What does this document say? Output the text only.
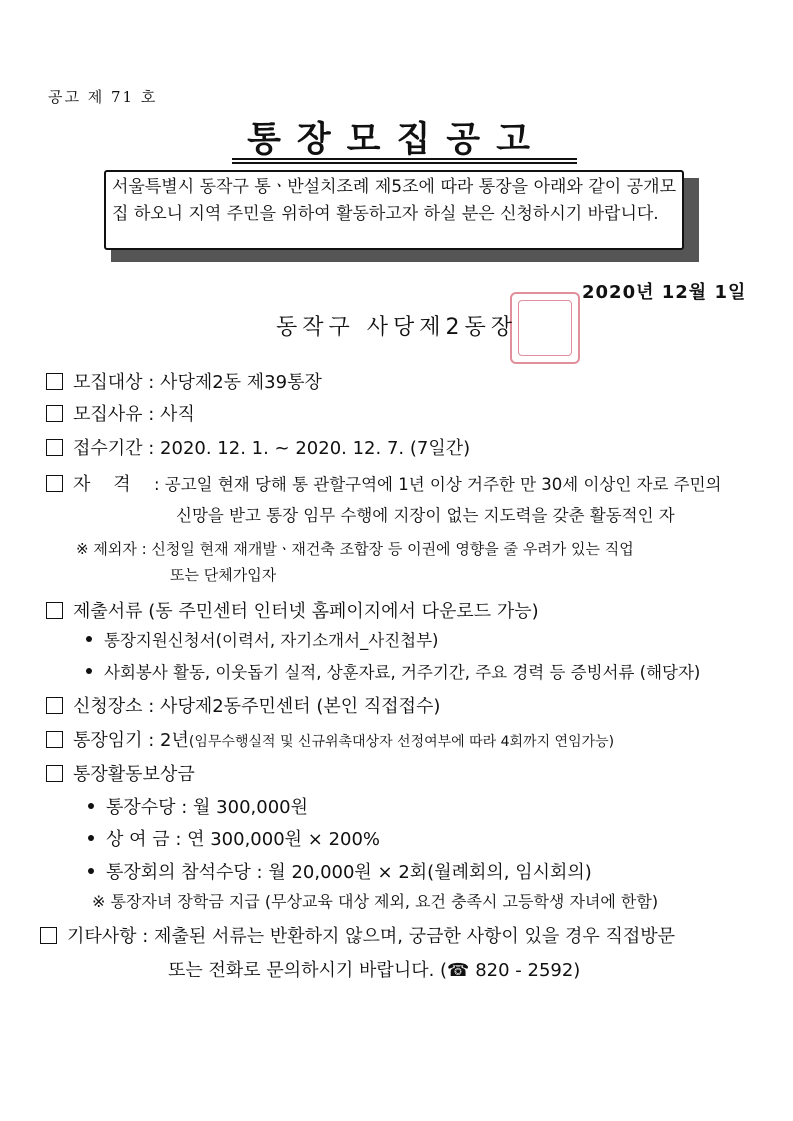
공고 제 71 호
통장모집공고

서울특별시 동작구 통ㆍ반설치조례 제5조에 따라 통장을 아래와 같이 공개모집 하오니 지역 주민을 위하여 활동하고자 하실 분은 신청하시기 바랍니다.

2020년 12월 1일
동작구 사당제2동장
모집대상 : 사당제2동 제39통장
모집사유 : 사직
접수기간 : 2020. 12. 1. ~ 2020. 12. 7. (7일간)
자    격 : 공고일 현재 당해 통 관할구역에 1년 이상 거주한 만 30세 이상인 자로 주민의
신망을 받고 통장 임무 수행에 지장이 없는 지도력을 갖춘 활동적인 자
※ 제외자 : 신청일 현재 재개발ㆍ재건축 조합장 등 이권에 영향을 줄 우려가 있는 직업
또는 단체가입자
제출서류 (동 주민센터 인터넷 홈페이지에서 다운로드 가능)
통장지원신청서(이력서, 자기소개서_사진첩부)
사회봉사 활동, 이웃돕기 실적, 상훈자료, 거주기간, 주요 경력 등 증빙서류 (해당자)
신청장소 : 사당제2동주민센터 (본인 직접접수)
통장임기 : 2년(임무수행실적 및 신규위촉대상자 선정여부에 따라 4회까지 연임가능)
통장활동보상금
통장수당 : 월 300,000원
상 여 금 : 연 300,000원 × 200%
통장회의 참석수당 : 월 20,000원 × 2회(월례회의, 임시회의)
※ 통장자녀 장학금 지급 (무상교육 대상 제외, 요건 충족시 고등학생 자녀에 한함)
기타사항 : 제출된 서류는 반환하지 않으며, 궁금한 사항이 있을 경우 직접방문
또는 전화로 문의하시기 바랍니다. (☎ 820 - 2592)
